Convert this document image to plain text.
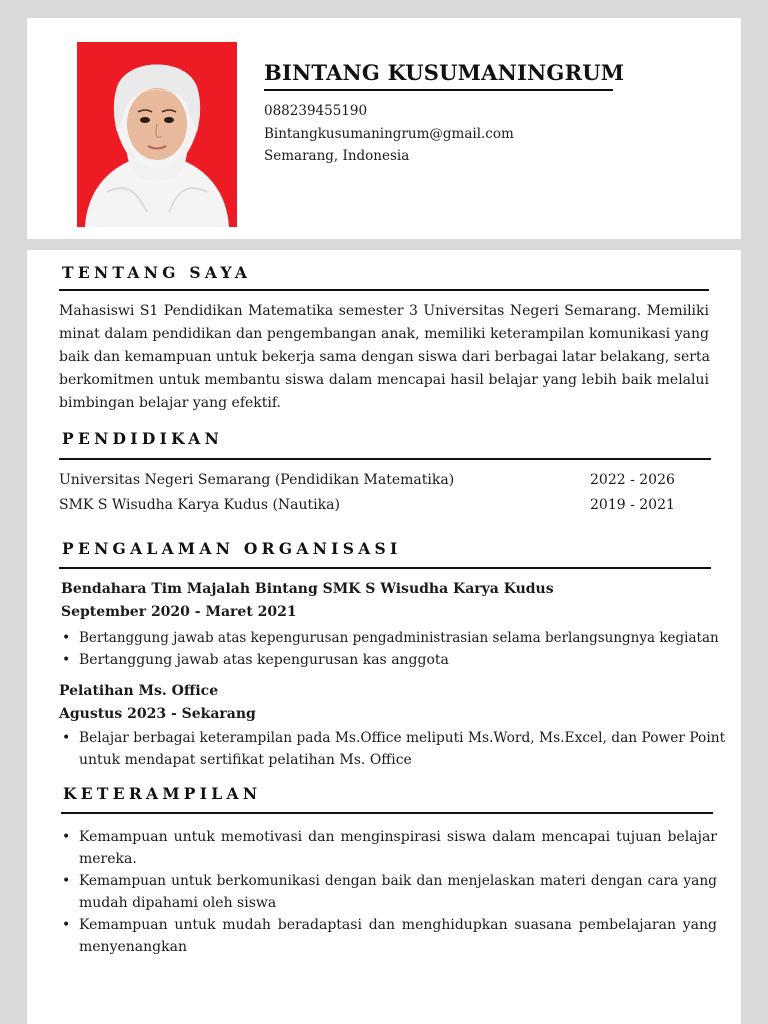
BINTANG KUSUMANINGRUM
088239455190
Bintangkusumaningrum@gmail.com
Semarang, Indonesia
TENTANG SAYA
Mahasiswi S1 Pendidikan Matematika semester 3 Universitas Negeri Semarang. Memiliki
minat dalam pendidikan dan pengembangan anak, memiliki keterampilan komunikasi yang
baik dan kemampuan untuk bekerja sama dengan siswa dari berbagai latar belakang, serta
berkomitmen untuk membantu siswa dalam mencapai hasil belajar yang lebih baik melalui
bimbingan belajar yang efektif.
PENDIDIKAN
Universitas Negeri Semarang (Pendidikan Matematika)	2022 - 2026
SMK S Wisudha Karya Kudus (Nautika)	2019 - 2021
PENGALAMAN ORGANISASI
Bendahara Tim Majalah Bintang SMK S Wisudha Karya Kudus
September 2020 - Maret 2021
• Bertanggung jawab atas kepengurusan pengadministrasian selama berlangsungnya kegiatan
• Bertanggung jawab atas kepengurusan kas anggota
Pelatihan Ms. Office
Agustus 2023 - Sekarang
• Belajar berbagai keterampilan pada Ms.Office meliputi Ms.Word, Ms.Excel, dan Power Point
untuk mendapat sertifikat pelatihan Ms. Office
KETERAMPILAN
• Kemampuan untuk memotivasi dan menginspirasi siswa dalam mencapai tujuan belajar
mereka.
• Kemampuan untuk berkomunikasi dengan baik dan menjelaskan materi dengan cara yang
mudah dipahami oleh siswa
• Kemampuan untuk mudah beradaptasi dan menghidupkan suasana pembelajaran yang
menyenangkan
